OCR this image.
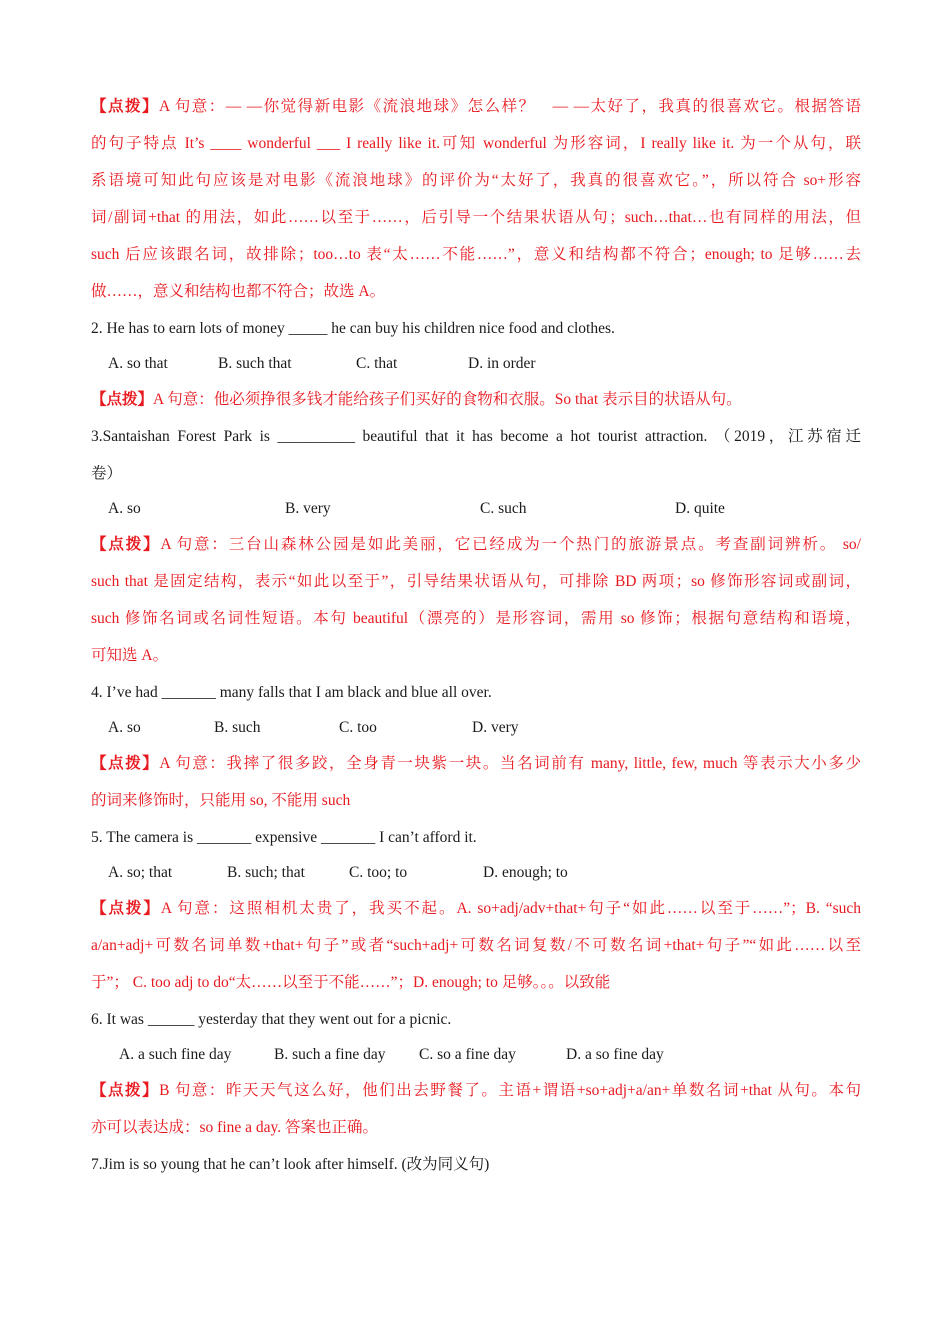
【点拨】A 句意：— —你觉得新电影《流浪地球》怎么样？　— —太好了，我真的很喜欢它。根据答语
的句子特点 It’s ____ wonderful ___ I really like it.可知 wonderful 为形容词，I really like it. 为一个从句，联
系语境可知此句应该是对电影《流浪地球》的评价为“太好了，我真的很喜欢它。”，所以符合 so+形容
词/副词+that 的用法，如此……以至于……，后引导一个结果状语从句；such…that…也有同样的用法，但
such 后应该跟名词，故排除；too…to 表“太……不能……”，意义和结构都不符合；enough; to 足够……去
做……，意义和结构也都不符合；故选 A。
2. He has to earn lots of money _____ he can buy his children nice food and clothes.
A. so that	B. such that	C. that	D. in order
【点拨】A 句意：他必须挣很多钱才能给孩子们买好的食物和衣服。So that 表示目的状语从句。
3.Santaishan Forest Park is __________ beautiful that it has become a hot tourist attraction. （2019，江苏宿迁
卷）
A. so	B. very	C. such	D. quite
【点拨】A 句意：三台山森林公园是如此美丽，它已经成为一个热门的旅游景点。考查副词辨析。 so/
such that 是固定结构，表示“如此以至于”，引导结果状语从句，可排除 BD 两项；so 修饰形容词或副词，
such 修饰名词或名词性短语。本句 beautiful（漂亮的）是形容词，需用 so 修饰；根据句意结构和语境，
可知选 A。
4. I’ve had _______ many falls that I am black and blue all over.
A. so	B. such	C. too	D. very
【点拨】A 句意：我摔了很多跤，全身青一块紫一块。当名词前有 many, little, few, much 等表示大小多少
的词来修饰时，只能用 so, 不能用 such
5. The camera is _______ expensive _______ I can’t afford it.
A. so; that	B. such; that	C. too; to	D. enough; to
【点拨】A 句意：这照相机太贵了，我买不起。A. so+adj/adv+that+句子“如此……以至于……”；B. “such
a/an+adj+可数名词单数+that+句子”或者“such+adj+可数名词复数/不可数名词+that+句子”“如此……以至
于”； C. too adj to do“太……以至于不能……”；D. enough; to 足够。。。以致能
6. It was ______ yesterday that they went out for a picnic.
A. a such fine day	B. such a fine day	C. so a fine day	D. a so fine day
【点拨】B 句意：昨天天气这么好，他们出去野餐了。主语+谓语+so+adj+a/an+单数名词+that 从句。本句
亦可以表达成：so fine a day. 答案也正确。
7.Jim is so young that he can’t look after himself. (改为同义句)
